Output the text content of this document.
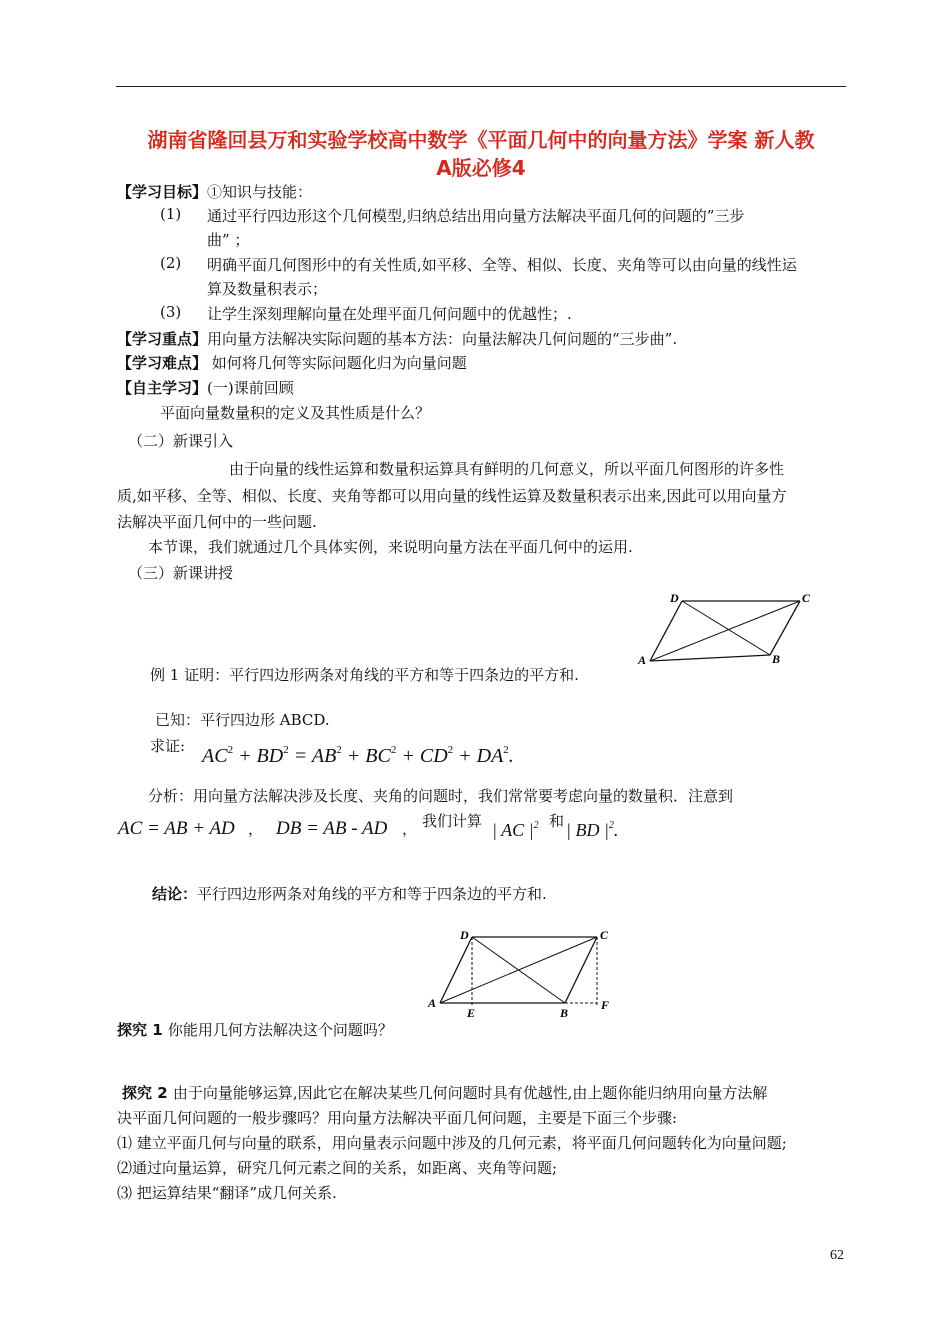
湖南省隆回县万和实验学校高中数学《平面几何中的向量方法》学案 新人教
A版必修4
【学习目标】①知识与技能：
(1) 通过平行四边形这个几何模型,归纳总结出用向量方法解决平面几何的问题的”三步
曲” ；
(2) 明确平面几何图形中的有关性质,如平移、全等、相似、长度、夹角等可以由向量的线性运
算及数量积表示；
(3) 让学生深刻理解向量在处理平面几何问题中的优越性；.
【学习重点】用向量方法解决实际问题的基本方法：向量法解决几何问题的“三步曲”.
【学习难点】 如何将几何等实际问题化归为向量问题
【自主学习】(一)课前回顾
平面向量数量积的定义及其性质是什么？
（二）新课引入
由于向量的线性运算和数量积运算具有鲜明的几何意义，所以平面几何图形的许多性
质,如平移、全等、相似、长度、夹角等都可以用向量的线性运算及数量积表示出来,因此可以用向量方
法解决平面几何中的一些问题.
本节课，我们就通过几个具体实例，来说明向量方法在平面几何中的运用.
（三）新课讲授
A	B
C
D
例 1 证明：平行四边形两条对角线的平方和等于四条边的平方和.
已知：平行四边形 ABCD.
求证: $AC^2 + BD^2 = AB^2 + BC^2 + CD^2 + DA^2$.
分析：用向量方法解决涉及长度、夹角的问题时，我们常常要考虑向量的数量积．注意到
AC = AB + AD ， DB = AB - AD ， 我们计算 | AC $|^2$ 和 | BD $|^2$.
结论：平行四边形两条对角线的平方和等于四条边的平方和.
A
B
C
D
E
F
探究 1 你能用几何方法解决这个问题吗？
探究 2 由于向量能够运算,因此它在解决某些几何问题时具有优越性,由上题你能归纳用向量方法解
决平面几何问题的一般步骤吗？用向量方法解决平面几何问题，主要是下面三个步骤:
⑴ 建立平面几何与向量的联系，用向量表示问题中涉及的几何元素，将平面几何问题转化为向量问题;
⑵通过向量运算，研究几何元素之间的关系，如距离、夹角等问题;
⑶ 把运算结果“翻译”成几何关系.
62
